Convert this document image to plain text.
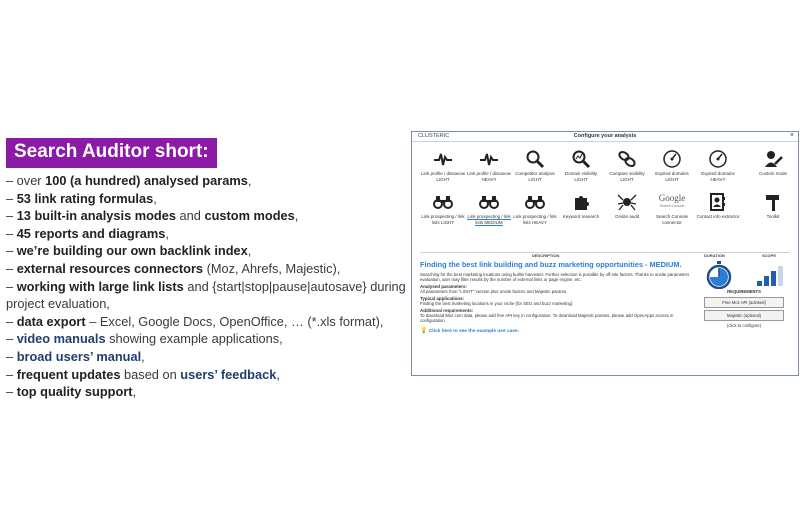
Search Auditor short:
– over 100 (a hundred) analysed params,
– 53 link rating formulas,
– 13 built-in analysis modes and custom modes,
– 45 reports and diagrams,
– we’re building our own backlink index,
– external resources connectors (Moz, Ahrefs, Majestic),
– working with large link lists and {start|stop|pause|autosave} during project evaluation,
– data export – Excel, Google Docs, OpenOffice, … (*.xls format),
– video manuals showing example applications,
– broad users’ manual,
– frequent updates based on users’ feedback,
– top quality support,
CLUSTERIC	Configure your analysis	×
Link profile / dissavow LIGHT
Link profile / dissavow HEAVY
Competitor analysis LIGHT
Domain visibility LIGHT
Compare visibility LIGHT
Expired domains LIGHT
Expired domains HEAVY
Custom mode
Link prospecting / link lists LIGHT
Link prospecting / link lists MEDIUM
Link prospecting / link lists HEAVY
Keyword research	Onsite audit
Google
Search Console
Search Console connector
Contact info extractor	Toolkit
DESCRIPTION	DURATION	SCOPE
Finding the best link building and buzz marketing opportunities - MEDIUM.

Searching for the best marketing locations using builtin harvester. Further selection is possible by off-site factors. Thanks to onsite parameters evaluation, user may filter results by the number of external links or page engine, etc.

Analysed parameters:

All parameters from "LIGHT" version plus onsite factors and Majestic params.

Typical applications:

Finding the best marketing locations in your niche (for SEO and buzz marketing).

Additional requirements:

To download Moz.com data, please add free API key in configuration. To download Majestic params, please add OpenApps access in configuration.

💡 Click here to see the example use case.
REQUIREMENTS
Free Moz API (advised)
Majestic (optional)
(click to configure)
